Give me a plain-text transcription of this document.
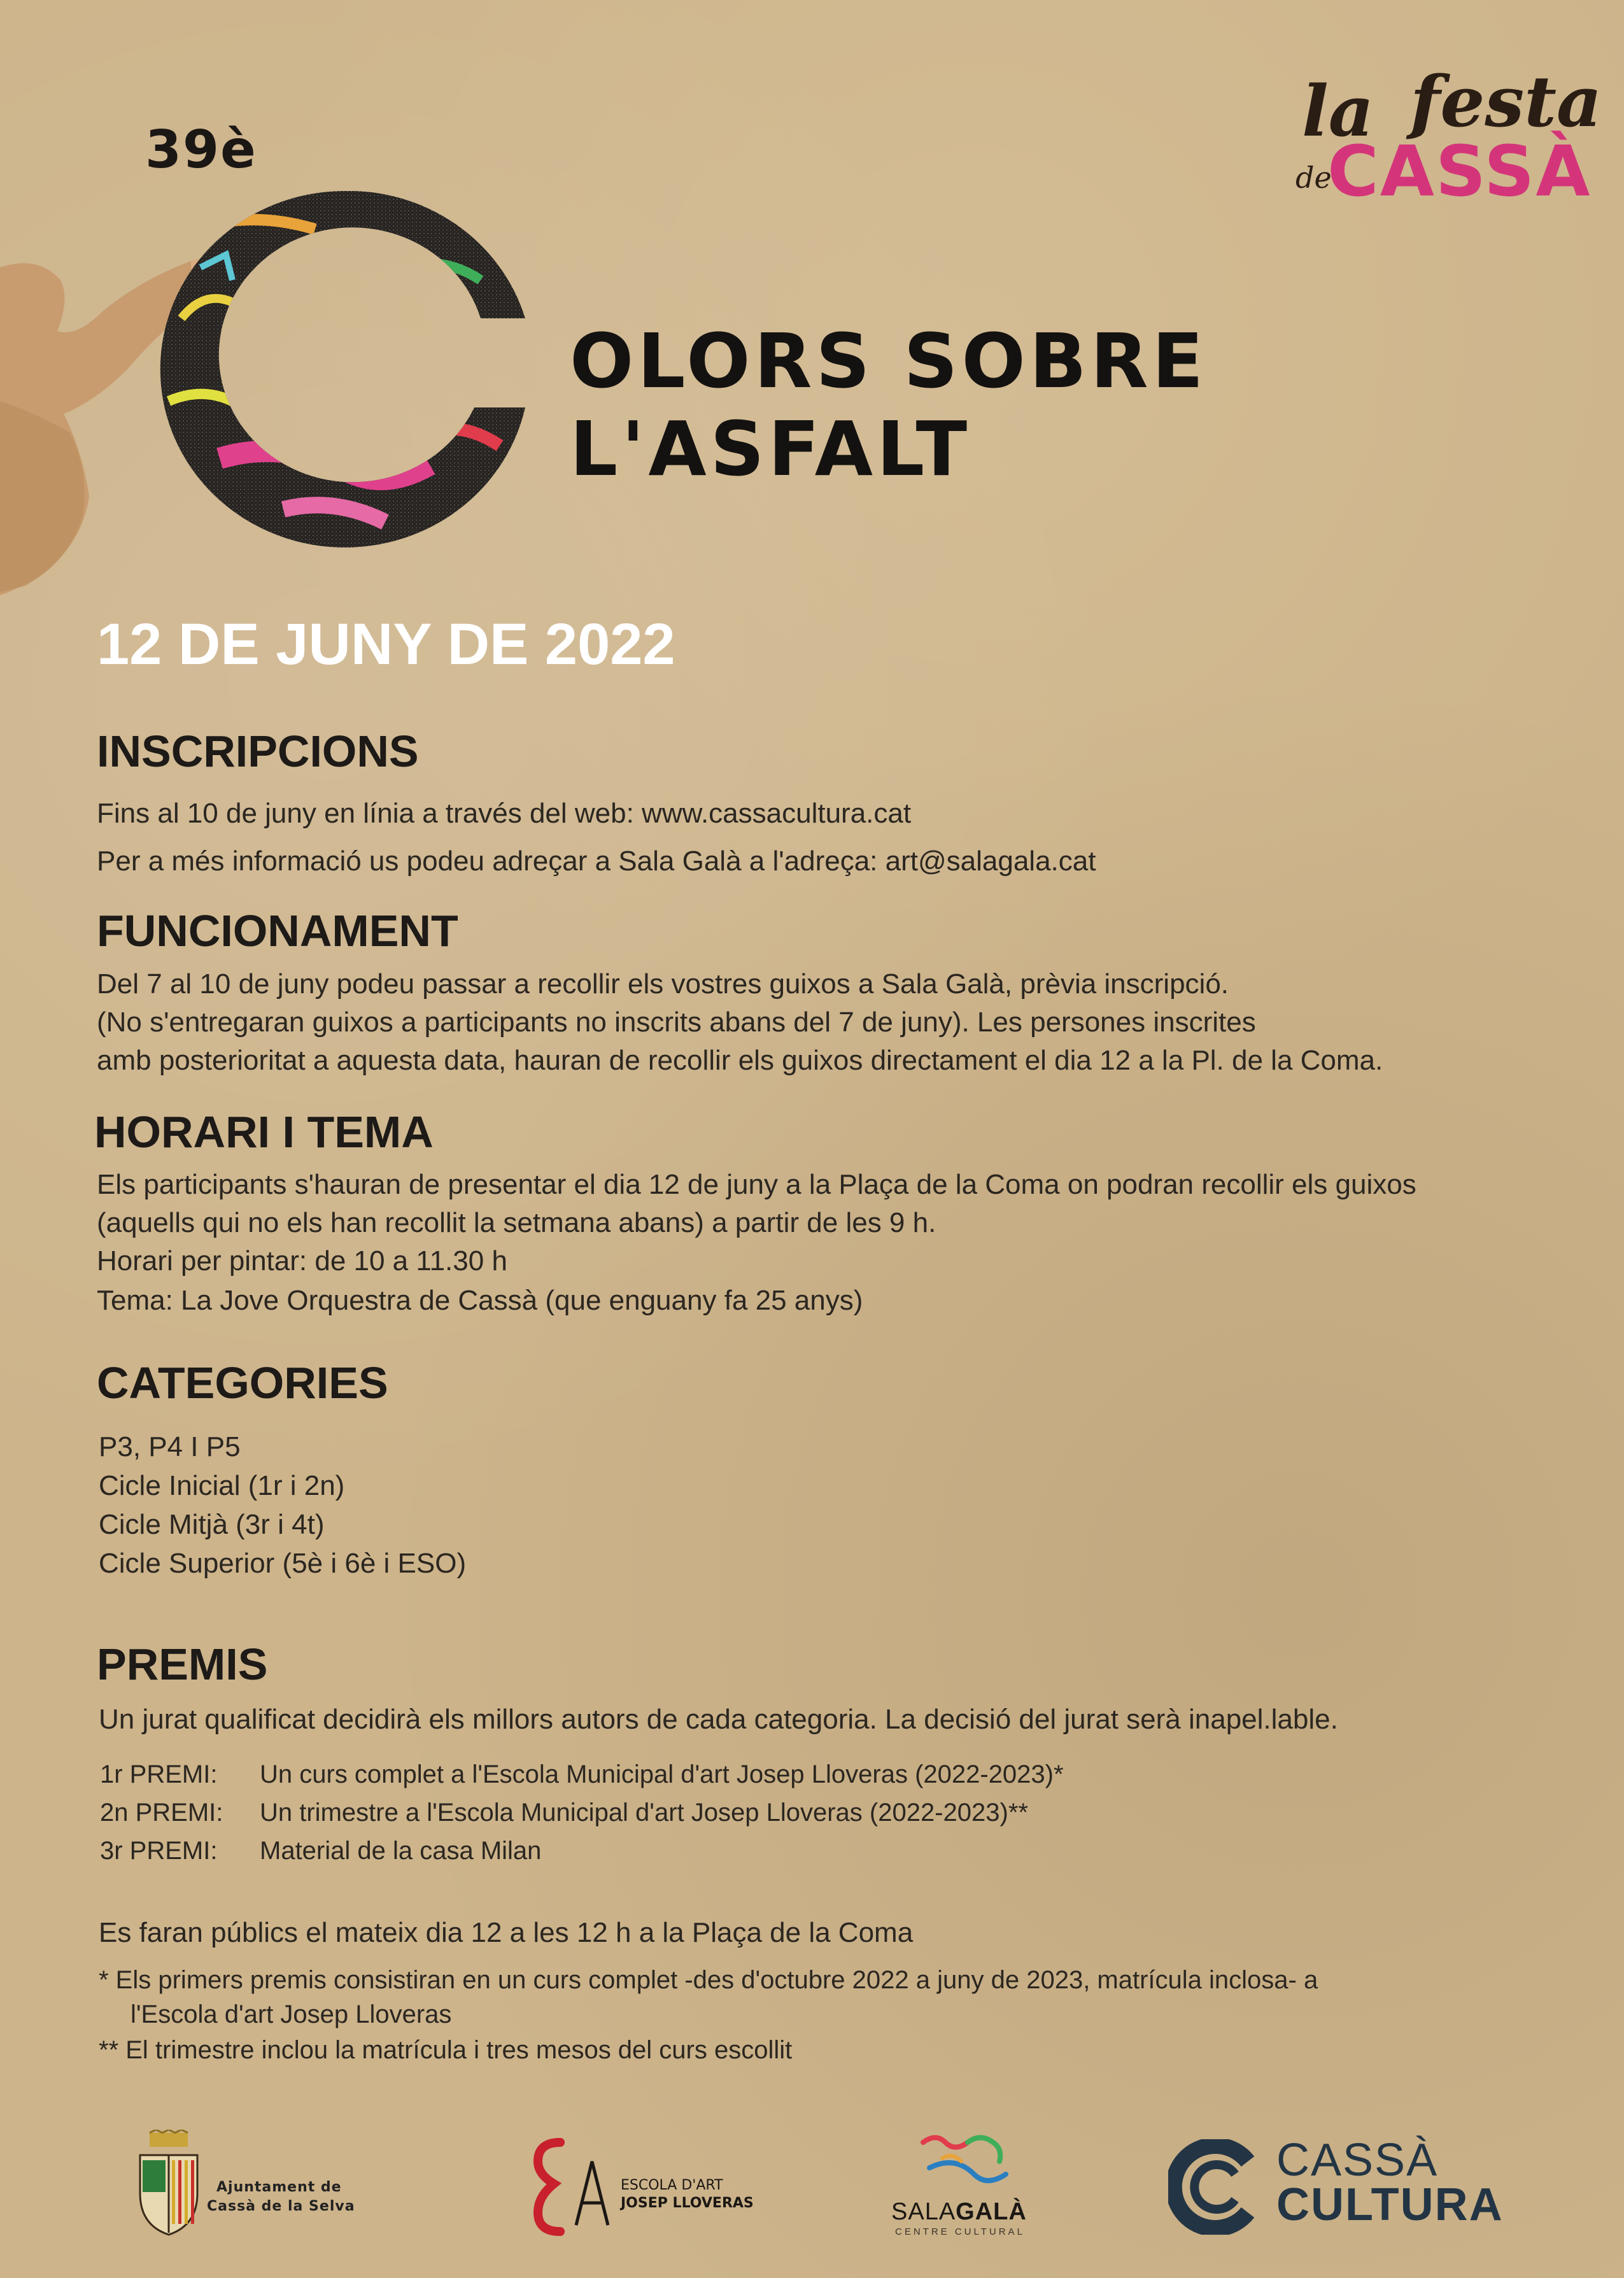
39è
OLORS SOBRE L'ASFALT
la festa
de
CASSÀ
12 DE JUNY DE 2022
INSCRIPCIONS
Fins al 10 de juny en línia a través del web: www.cassacultura.cat
Per a més informació us podeu adreçar a Sala Galà a l'adreça: art@salagala.cat
FUNCIONAMENT
Del 7 al 10 de juny podeu passar a recollir els vostres guixos a Sala Galà, prèvia inscripció.
(No s'entregaran guixos a participants no inscrits abans del 7 de juny). Les persones inscrites
amb posterioritat a aquesta data, hauran de recollir els guixos directament el dia 12 a la Pl. de la Coma.
HORARI I TEMA
Els participants s'hauran de presentar el dia 12 de juny a la Plaça de la Coma on podran recollir els guixos
(aquells qui no els han recollit la setmana abans) a partir de les 9 h.
Horari per pintar: de 10 a 11.30 h
Tema: La Jove Orquestra de Cassà (que enguany fa 25 anys)
CATEGORIES
P3, P4 I P5
Cicle Inicial (1r i 2n)
Cicle Mitjà (3r i 4t)
Cicle Superior (5è i 6è i ESO)
PREMIS
Un jurat qualificat decidirà els millors autors de cada categoria. La decisió del jurat serà inapel.lable.
1r PREMI: Un curs complet a l'Escola Municipal d'art Josep Lloveras (2022-2023)*
2n PREMI: Un trimestre a l'Escola Municipal d'art Josep Lloveras (2022-2023)**
3r PREMI: Material de la casa Milan
Es faran públics el mateix dia 12 a les 12 h a la Plaça de la Coma
* Els primers premis consistiran en un curs complet -des d'octubre 2022 a juny de 2023, matrícula inclosa- a
l'Escola d'art Josep Lloveras
** El trimestre inclou la matrícula i tres mesos del curs escollit
Ajuntament de
Cassà de la Selva
ESCOLA D'ART
JOSEP LLOVERAS	SALAGALÀ
CENTRE CULTURAL
CASSÀ
CULTURA
